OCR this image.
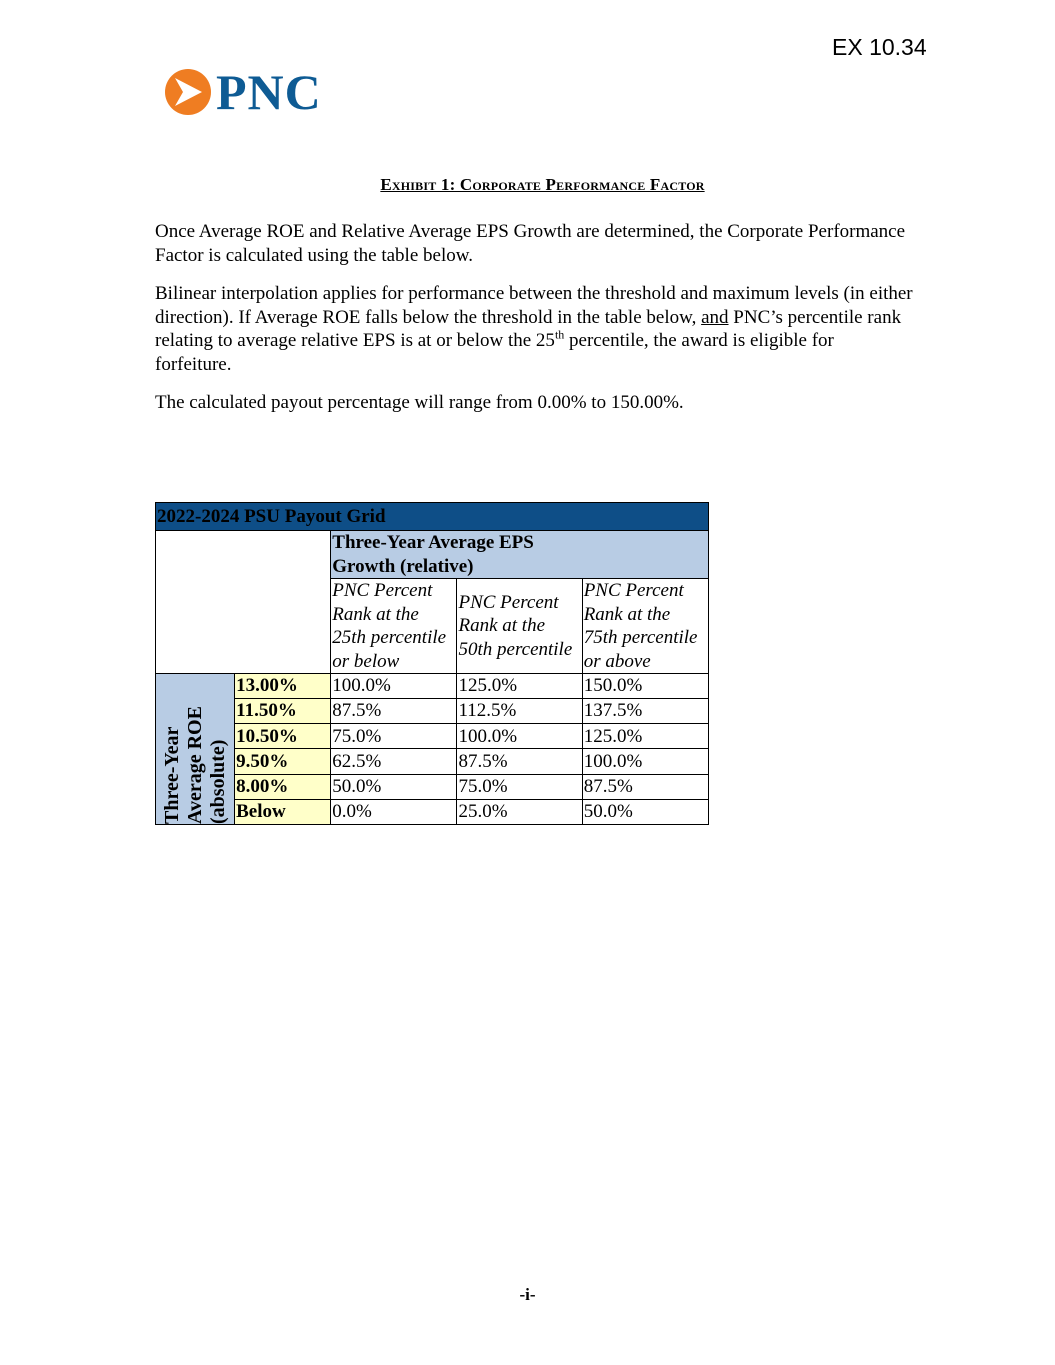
EX 10.34
PNC
Exhibit 1: Corporate Performance Factor
Once Average ROE and Relative Average EPS Growth are determined, the Corporate Performance Factor is calculated using the table below.
Bilinear interpolation applies for performance between the threshold and maximum levels (in either direction). If Average ROE falls below the threshold in the table below, and PNC’s percentile rank relating to average relative EPS is at or below the 25th percentile, the award is eligible for forfeiture.
The calculated payout percentage will range from 0.00% to 150.00%.
2022-2024 PSU Payout Grid				
		Three-Year Average EPS Growth (relative)		
		PNC Percent Rank at the 25th percentile or below	PNC Percent Rank at the 50th percentile	PNC Percent Rank at the 75th percentile or above

Three-Year Average ROE (absolute)	13.00%	100.0%	125.0%	150.0%
	11.50%	87.5%	112.5%	137.5%
	10.50%	75.0%	100.0%	125.0%
	9.50%	62.5%	87.5%	100.0%
	8.00%	50.0%	75.0%	87.5%
	Below	0.0%	25.0%	50.0%
-i-
